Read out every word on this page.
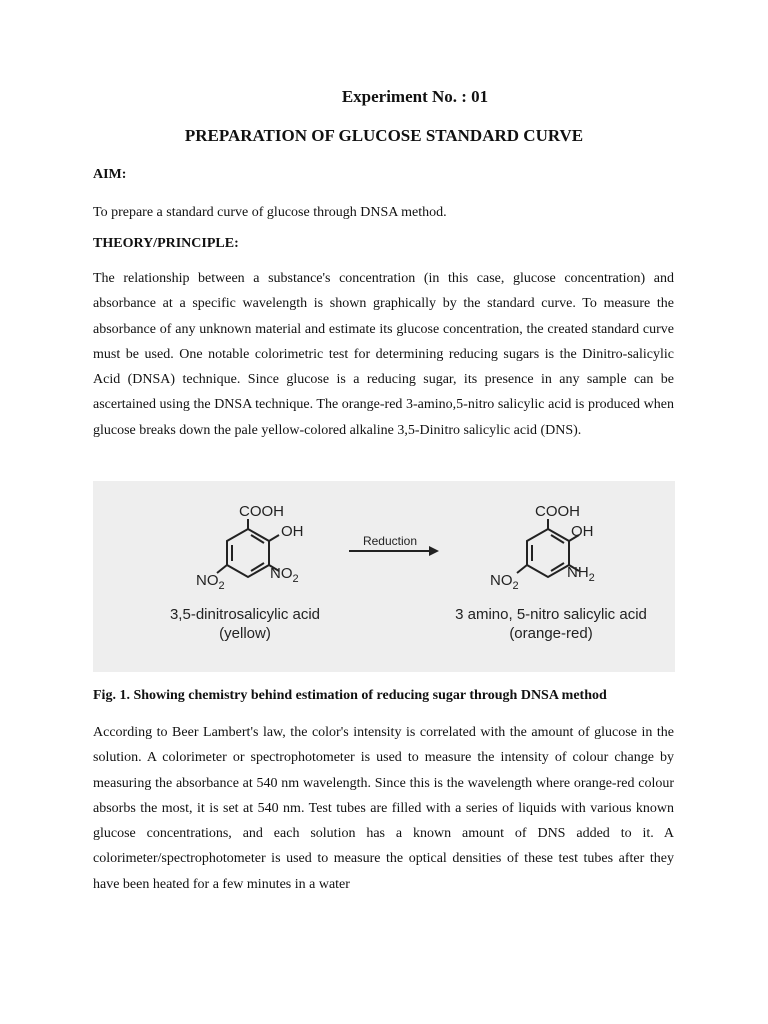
Experiment No. : 01
PREPARATION OF GLUCOSE STANDARD CURVE
AIM:
To prepare a standard curve of glucose through DNSA method.
THEORY/PRINCIPLE:
The relationship between a substance's concentration (in this case, glucose concentration) and absorbance at a specific wavelength is shown graphically by the standard curve. To measure the absorbance of any unknown material and estimate its glucose concentration, the created standard curve must be used. One notable colorimetric test for determining reducing sugars is the Dinitro-salicylic Acid (DNSA) technique. Since glucose is a reducing sugar, its presence in any sample can be ascertained using the DNSA technique. The orange-red 3-amino,5-nitro salicylic acid is produced when glucose breaks down the pale yellow-colored alkaline 3,5-Dinitro salicylic acid (DNS).
COOH
OH
$NO_2$
$NO_2$
3,5-dinitrosalicylic acid
(yellow)
Reduction
COOH
OH
$NO_2$
$NH_2$
3 amino, 5-nitro salicylic acid
(orange-red)
Fig. 1. Showing chemistry behind estimation of reducing sugar through DNSA method
According to Beer Lambert's law, the color's intensity is correlated with the amount of glucose in the solution. A colorimeter or spectrophotometer is used to measure the intensity of colour change by measuring the absorbance at 540 nm wavelength. Since this is the wavelength where orange-red colour absorbs the most, it is set at 540 nm. Test tubes are filled with a series of liquids with various known glucose concentrations, and each solution has a known amount of DNS added to it. A colorimeter/spectrophotometer is used to measure the optical densities of these test tubes after they have been heated for a few minutes in a water
